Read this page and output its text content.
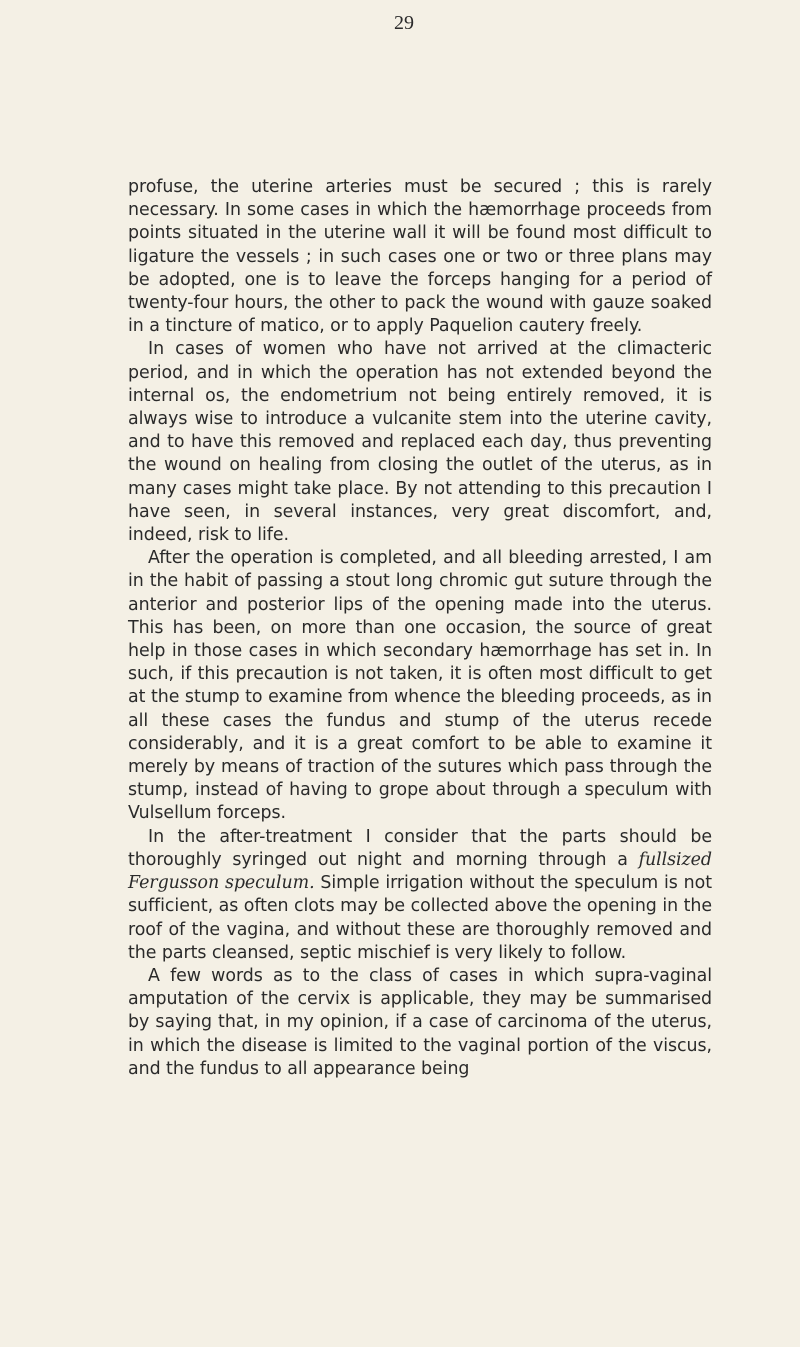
29

profuse, the uterine arteries must be secured ; this is rarely necessary. In some cases in which the hæmorrhage proceeds from points situated in the uterine wall it will be found most difficult to ligature the vessels ; in such cases one or two or three plans may be adopted, one is to leave the forceps hanging for a period of twenty-four hours, the other to pack the wound with gauze soaked in a tincture of matico, or to apply Paquelion cautery freely.

In cases of women who have not arrived at the climacteric period, and in which the operation has not extended beyond the internal os, the endometrium not being entirely removed, it is always wise to introduce a vulcanite stem into the uterine cavity, and to have this removed and replaced each day, thus preventing the wound on healing from closing the outlet of the uterus, as in many cases might take place. By not attending to this precaution I have seen, in several instances, very great discomfort, and, indeed, risk to life.

After the operation is completed, and all bleeding arrested, I am in the habit of passing a stout long chromic gut suture through the anterior and posterior lips of the opening made into the uterus. This has been, on more than one occasion, the source of great help in those cases in which secondary hæmorrhage has set in. In such, if this precaution is not taken, it is often most difficult to get at the stump to examine from whence the bleeding proceeds, as in all these cases the fundus and stump of the uterus recede considerably, and it is a great comfort to be able to examine it merely by means of traction of the sutures which pass through the stump, instead of having to grope about through a speculum with Vulsellum forceps.

In the after-treatment I consider that the parts should be thoroughly syringed out night and morning through a fullsized Fergusson speculum. Simple irrigation without the speculum is not sufficient, as often clots may be collected above the opening in the roof of the vagina, and without these are thoroughly removed and the parts cleansed, septic mischief is very likely to follow.

A few words as to the class of cases in which supra-vaginal amputation of the cervix is applicable, they may be summarised by saying that, in my opinion, if a case of carcinoma of the uterus, in which the disease is limited to the vaginal portion of the viscus, and the fundus to all appearance being
